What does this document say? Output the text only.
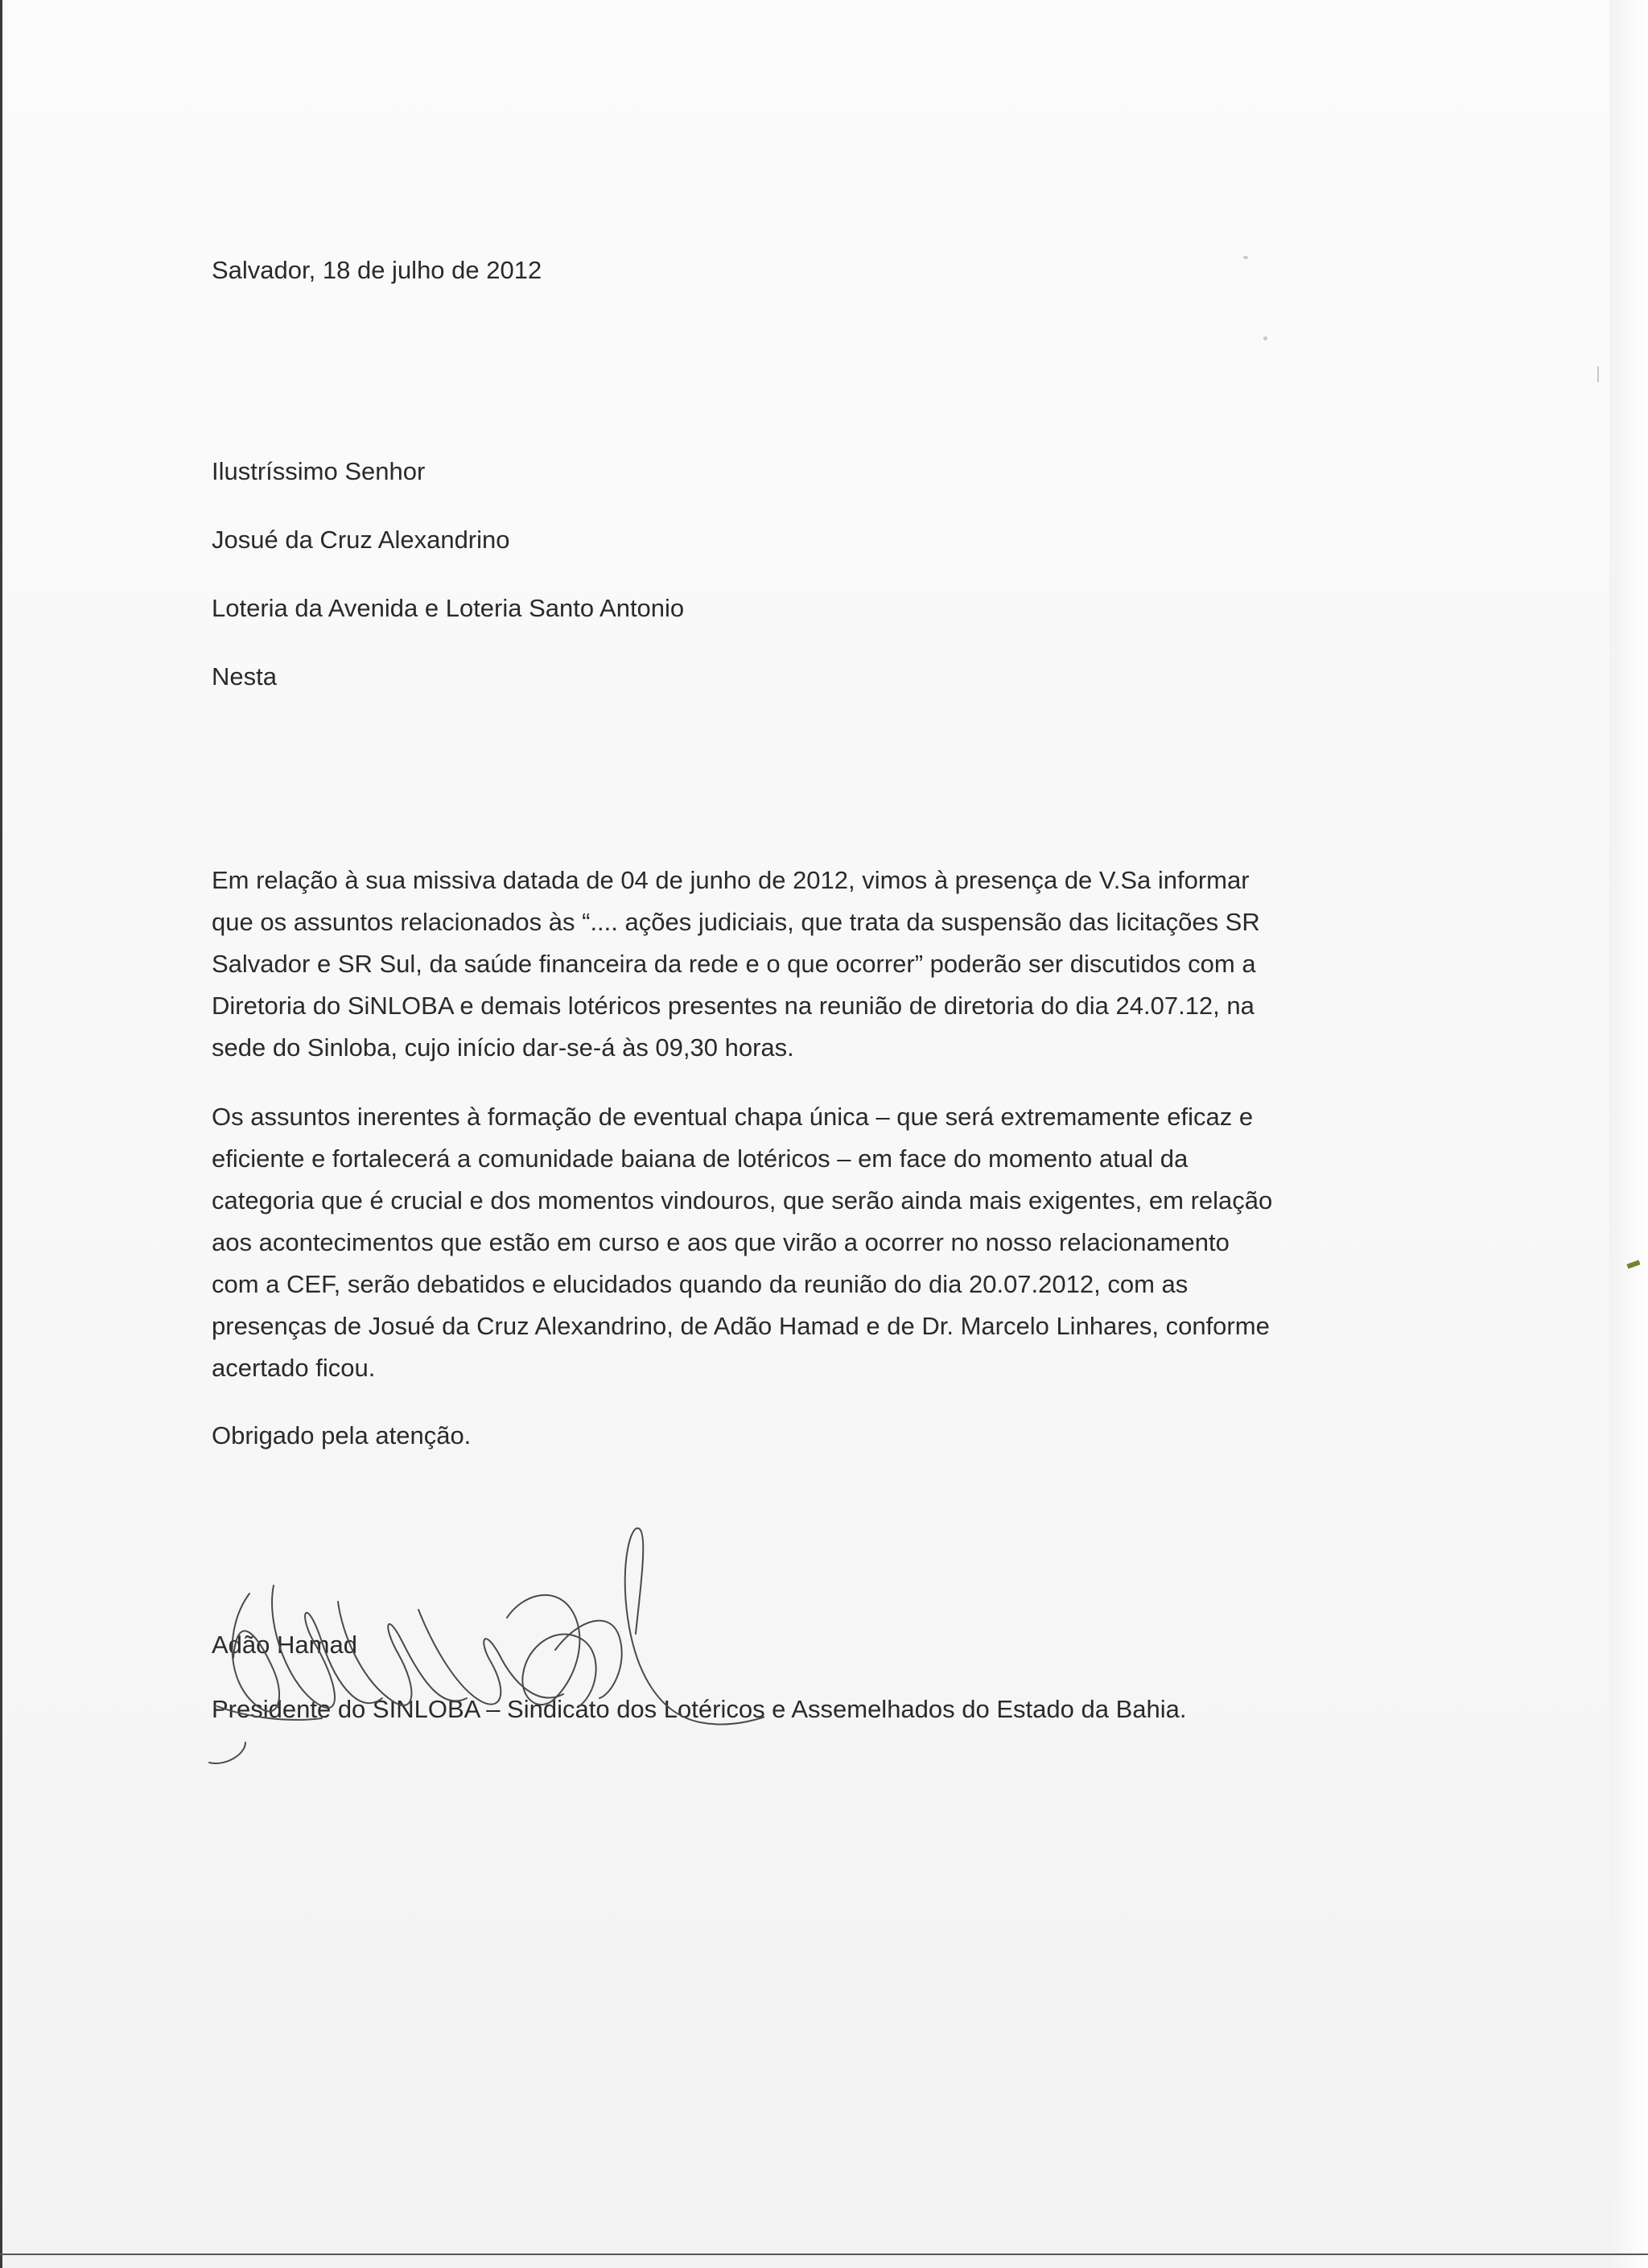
Salvador, 18 de julho de 2012
Ilustríssimo Senhor
Josué da Cruz Alexandrino
Loteria da Avenida e Loteria Santo Antonio
Nesta
Em relação à sua missiva datada de 04 de junho de 2012, vimos à presença de V.Sa informar
que os assuntos relacionados às “.... ações judiciais, que trata da suspensão das licitações SR
Salvador e SR Sul, da saúde financeira da rede e o que ocorrer” poderão ser discutidos com a
Diretoria do SiNLOBA e demais lotéricos presentes na reunião de diretoria do dia 24.07.12, na
sede do Sinloba, cujo início dar-se-á às 09,30 horas.
Os assuntos inerentes à formação de eventual chapa única – que será extremamente eficaz e
eficiente e fortalecerá a comunidade baiana de lotéricos – em face do momento atual da
categoria que é crucial e dos momentos vindouros, que serão ainda mais exigentes, em relação
aos acontecimentos que estão em curso e aos que virão a ocorrer no nosso relacionamento
com a CEF, serão debatidos e elucidados quando da reunião do dia 20.07.2012, com as
presenças de Josué da Cruz Alexandrino, de Adão Hamad e de Dr. Marcelo Linhares, conforme
acertado ficou.
Obrigado pela atenção.
Adão Hamad
Presidente do SINLOBA – Sindicato dos Lotéricos e Assemelhados do Estado da Bahia.
